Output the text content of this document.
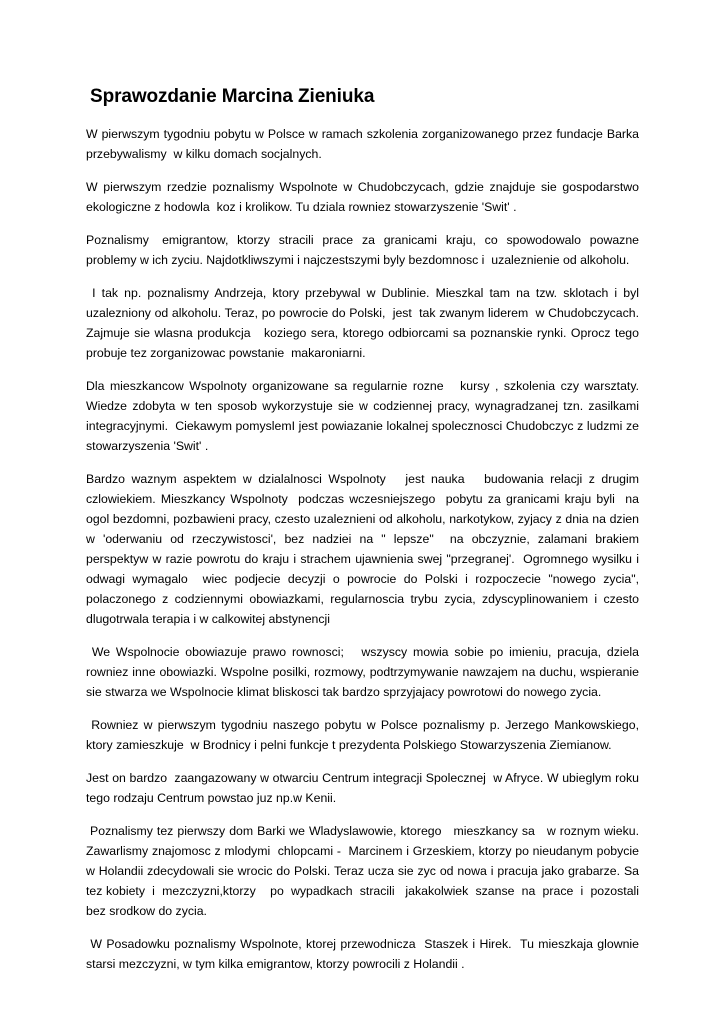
Sprawozdanie Marcina Zieniuka

W pierwszym tygodniu pobytu w Polsce w ramach szkolenia zorganizowanego przez fundacje Barka przebywalismy  w kilku domach socjalnych.

W pierwszym rzedzie poznalismy Wspolnote w Chudobczycach, gdzie znajduje sie gospodarstwo ekologiczne z hodowla  koz i krolikow. Tu dziala rowniez stowarzyszenie 'Swit' .

Poznalismy   emigrantow,  ktorzy  stracili  prace  za  granicami  kraju,  co  spowodowalo  powazne problemy w ich zyciu. Najdotkliwszymi i najczestszymi byly bezdomnosc i  uzaleznienie od alkoholu.

I tak np. poznalismy Andrzeja, ktory przebywal w Dublinie. Mieszkal tam na tzw. sklotach i byl uzalezniony od alkoholu. Teraz, po powrocie do Polski,  jest  tak zwanym liderem  w Chudobczycach. Zajmuje sie wlasna produkcja   koziego sera, ktorego odbiorcami sa poznanskie rynki. Oprocz tego probuje tez zorganizowac powstanie  makaroniarni.

Dla mieszkancow Wspolnoty organizowane sa regularnie rozne   kursy , szkolenia czy warsztaty. Wiedze zdobyta w ten sposob wykorzystuje sie w codziennej pracy, wynagradzanej tzn. zasilkami integracyjnymi.  Ciekawym pomyslemI jest powiazanie lokalnej spolecznosci Chudobczyc z ludzmi ze stowarzyszenia 'Swit' .

Bardzo waznym aspektem w dzialalnosci Wspolnoty   jest nauka   budowania relacji z drugim czlowiekiem. Mieszkancy Wspolnoty  podczas wczesniejszego  pobytu za granicami kraju byli  na ogol bezdomni, pozbawieni pracy, czesto uzaleznieni od alkoholu, narkotykow, zyjacy z dnia na dzien w 'oderwaniu od rzeczywistosci', bez nadziei na " lepsze"  na obczyznie, zalamani brakiem  perspektyw w razie powrotu do kraju i strachem ujawnienia swej "przegranej'.  Ogromnego wysilku i odwagi wymagalo  wiec podjecie decyzji o powrocie do Polski i rozpoczecie "nowego zycia", polaczonego z codziennymi obowiazkami, regularnoscia trybu zycia, zdyscyplinowaniem i czesto dlugotrwala terapia i w calkowitej abstynencji

We Wspolnocie obowiazuje prawo rownosci;   wszyscy mowia sobie po imieniu, pracuja, dziela rowniez inne obowiazki. Wspolne posilki, rozmowy, podtrzymywanie nawzajem na duchu, wspieranie sie stwarza we Wspolnocie klimat bliskosci tak bardzo sprzyjajacy powrotowi do nowego zycia.

Rowniez w pierwszym tygodniu naszego pobytu w Polsce poznalismy p. Jerzego Mankowskiego, ktory zamieszkuje  w Brodnicy i pelni funkcje t prezydenta Polskiego Stowarzyszenia Ziemianow.

Jest on bardzo  zaangazowany w otwarciu Centrum integracji Spolecznej  w Afryce. W ubieglym roku tego rodzaju Centrum powstao juz np.w Kenii.

Poznalismy tez pierwszy dom Barki we Wladyslawowie, ktorego   mieszkancy sa   w roznym wieku. Zawarlismy znajomosc z mlodymi  chlopcami -  Marcinem i Grzeskiem, ktorzy po nieudanym pobycie w Holandii zdecydowali sie wrocic do Polski. Teraz ucza sie zyc od nowa i pracuja jako grabarze. Sa tez kobiety  i  mezczyzni,ktorzy    po  wypadkach  stracili   jakakolwiek  szanse  na  prace  i  pozostali  bez srodkow do zycia.

W Posadowku poznalismy Wspolnote, ktorej przewodnicza  Staszek i Hirek.  Tu mieszkaja glownie starsi mezczyzni, w tym kilka emigrantow, ktorzy powrocili z Holandii .
